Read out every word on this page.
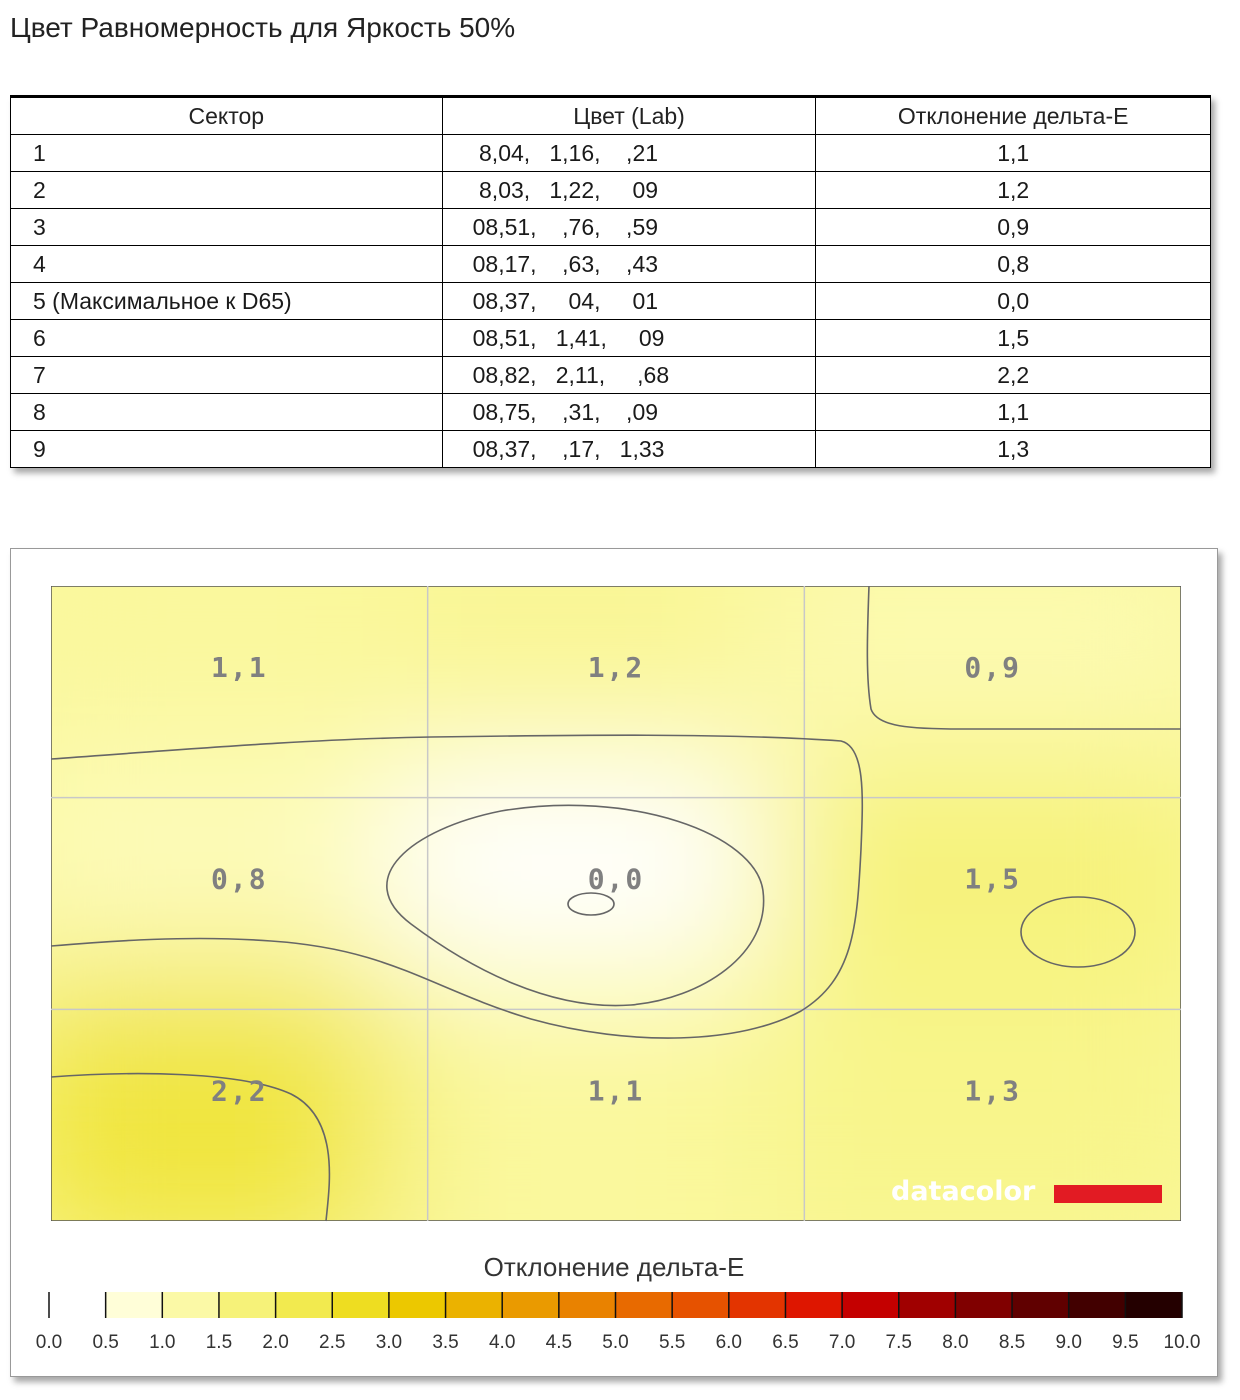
Цвет Равномерность для Яркость 50%
Сектор	Цвет (Lab)	Отклонение дельта-E
1	8,04,   1,16,    ,21	1,1
2	8,03,   1,22,     09	1,2
3	08,51,    ,76,    ,59	0,9
4	08,17,    ,63,    ,43	0,8
5 (Максимальное к D65)	08,37,     04,     01	0,0
6	08,51,   1,41,     09	1,5
7	08,82,   2,11,     ,68	2,2
8	08,75,    ,31,    ,09	1,1
9	08,37,    ,17,   1,33	1,3
1,1	1,2	0,9
0,8	0,0	1,5
2,2	1,1	1,3
datacolor
Отклонение дельта-E
0.0 0.5 1.0 1.5 2.0 2.5 3.0 3.5 4.0 4.5 5.0 5.5 6.0 6.5 7.0 7.5 8.0 8.5 9.0 9.5 10.0
